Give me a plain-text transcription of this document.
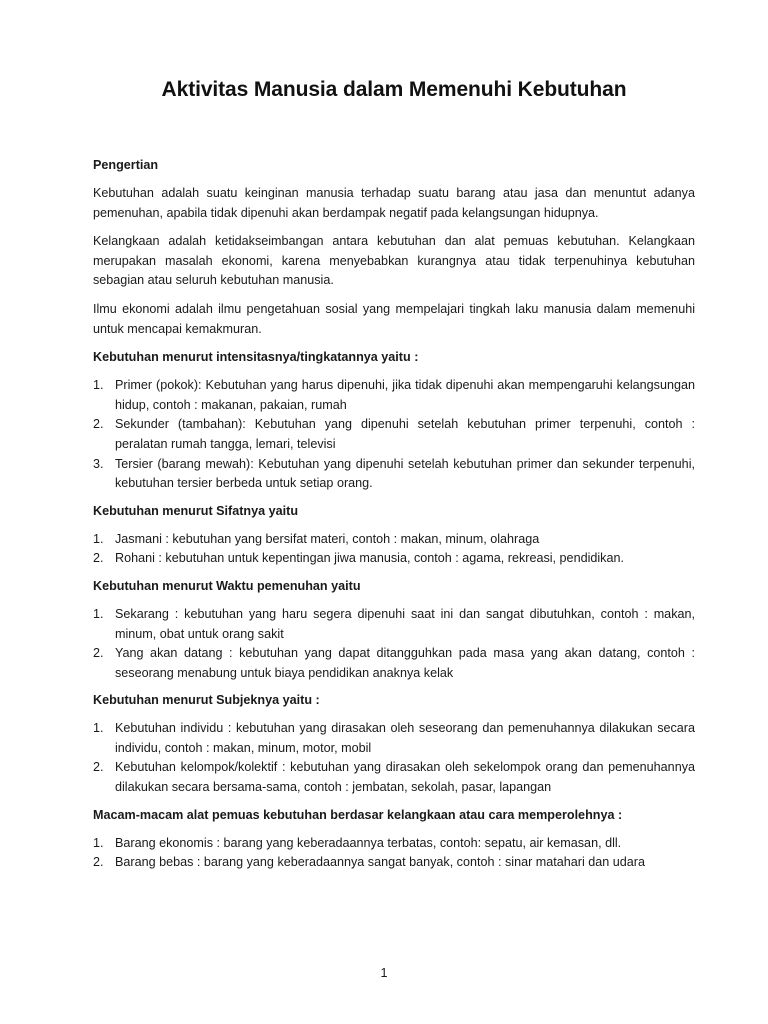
Aktivitas Manusia dalam Memenuhi Kebutuhan
Pengertian

Kebutuhan adalah suatu keinginan manusia terhadap suatu barang atau jasa dan menuntut adanya pemenuhan, apabila tidak dipenuhi akan berdampak negatif pada kelangsungan hidupnya.

Kelangkaan adalah ketidakseimbangan antara kebutuhan dan alat pemuas kebutuhan. Kelangkaan merupakan masalah ekonomi, karena menyebabkan kurangnya atau tidak terpenuhinya kebutuhan sebagian atau seluruh kebutuhan manusia.

Ilmu ekonomi adalah ilmu pengetahuan sosial yang mempelajari tingkah laku manusia dalam memenuhi untuk mencapai kemakmuran.

Kebutuhan menurut intensitasnya/tingkatannya yaitu :
1. Primer (pokok): Kebutuhan yang harus dipenuhi, jika tidak dipenuhi akan mempengaruhi kelangsungan hidup, contoh : makanan, pakaian, rumah
2. Sekunder (tambahan): Kebutuhan yang dipenuhi setelah kebutuhan primer terpenuhi, contoh : peralatan rumah tangga, lemari, televisi
3. Tersier (barang mewah): Kebutuhan yang dipenuhi setelah kebutuhan primer dan sekunder terpenuhi, kebutuhan tersier berbeda untuk setiap orang.
Kebutuhan menurut Sifatnya yaitu
1. Jasmani : kebutuhan yang bersifat materi, contoh : makan, minum, olahraga
2. Rohani : kebutuhan untuk kepentingan jiwa manusia, contoh : agama, rekreasi, pendidikan.
Kebutuhan menurut Waktu pemenuhan yaitu
1. Sekarang : kebutuhan yang haru segera dipenuhi saat ini dan sangat dibutuhkan, contoh : makan, minum, obat untuk orang sakit
2. Yang akan datang : kebutuhan yang dapat ditangguhkan pada masa yang akan datang, contoh : seseorang menabung untuk biaya pendidikan anaknya kelak
Kebutuhan menurut Subjeknya yaitu :
1. Kebutuhan individu : kebutuhan yang dirasakan oleh seseorang dan pemenuhannya dilakukan secara individu, contoh : makan, minum, motor, mobil
2. Kebutuhan kelompok/kolektif : kebutuhan yang dirasakan oleh sekelompok orang dan pemenuhannya dilakukan secara bersama-sama, contoh : jembatan, sekolah, pasar, lapangan
Macam-macam alat pemuas kebutuhan berdasar kelangkaan atau cara memperolehnya :
1. Barang ekonomis : barang yang keberadaannya terbatas, contoh: sepatu, air kemasan, dll.
2. Barang bebas : barang yang keberadaannya sangat banyak, contoh : sinar matahari dan udara
1
